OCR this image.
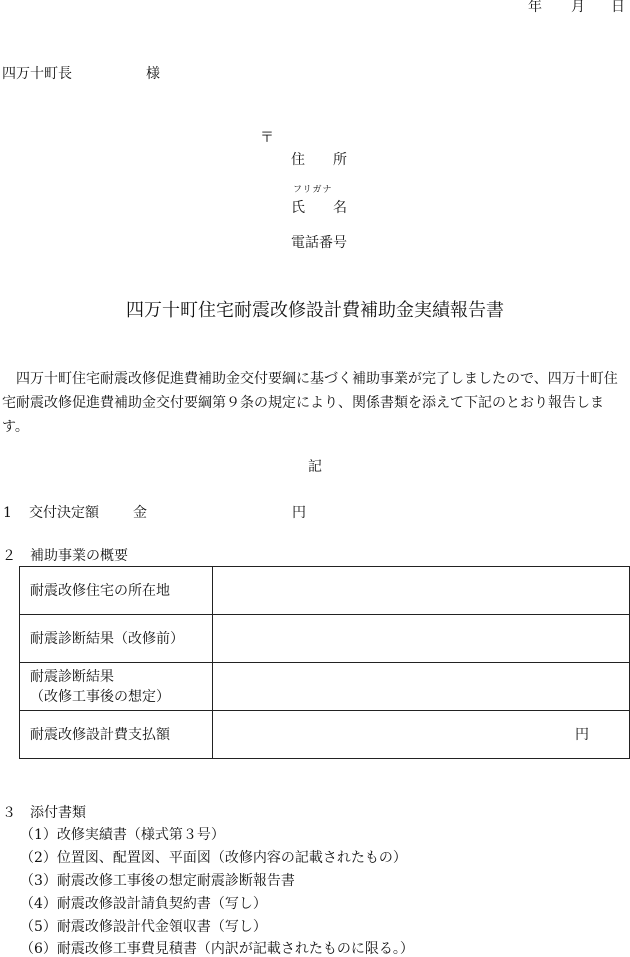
年 月 日
四万十町長	様
〒
住　　所
フリガナ
氏　　名
電話番号
四万十町住宅耐震改修設計費補助金実績報告書
　四万十町住宅耐震改修促進費補助金交付要綱に基づく補助事業が完了しましたので、四万十町住宅耐震改修促進費補助金交付要綱第９条の規定により、関係書類を添えて下記のとおり報告します。
記
1 交付決定額 金	円
２　補助事業の概要
耐震改修住宅の所在地	
耐震診断結果（改修前）	

耐震診断結果
（改修工事後の想定）	

耐震改修設計費支払額	円
３　添付書類
（1）改修実績書（様式第３号）
（2）位置図、配置図、平面図（改修内容の記載されたもの）
（3）耐震改修工事後の想定耐震診断報告書
（4）耐震改修設計請負契約書（写し）
（5）耐震改修設計代金領収書（写し）
（6）耐震改修工事費見積書（内訳が記載されたものに限る。）
